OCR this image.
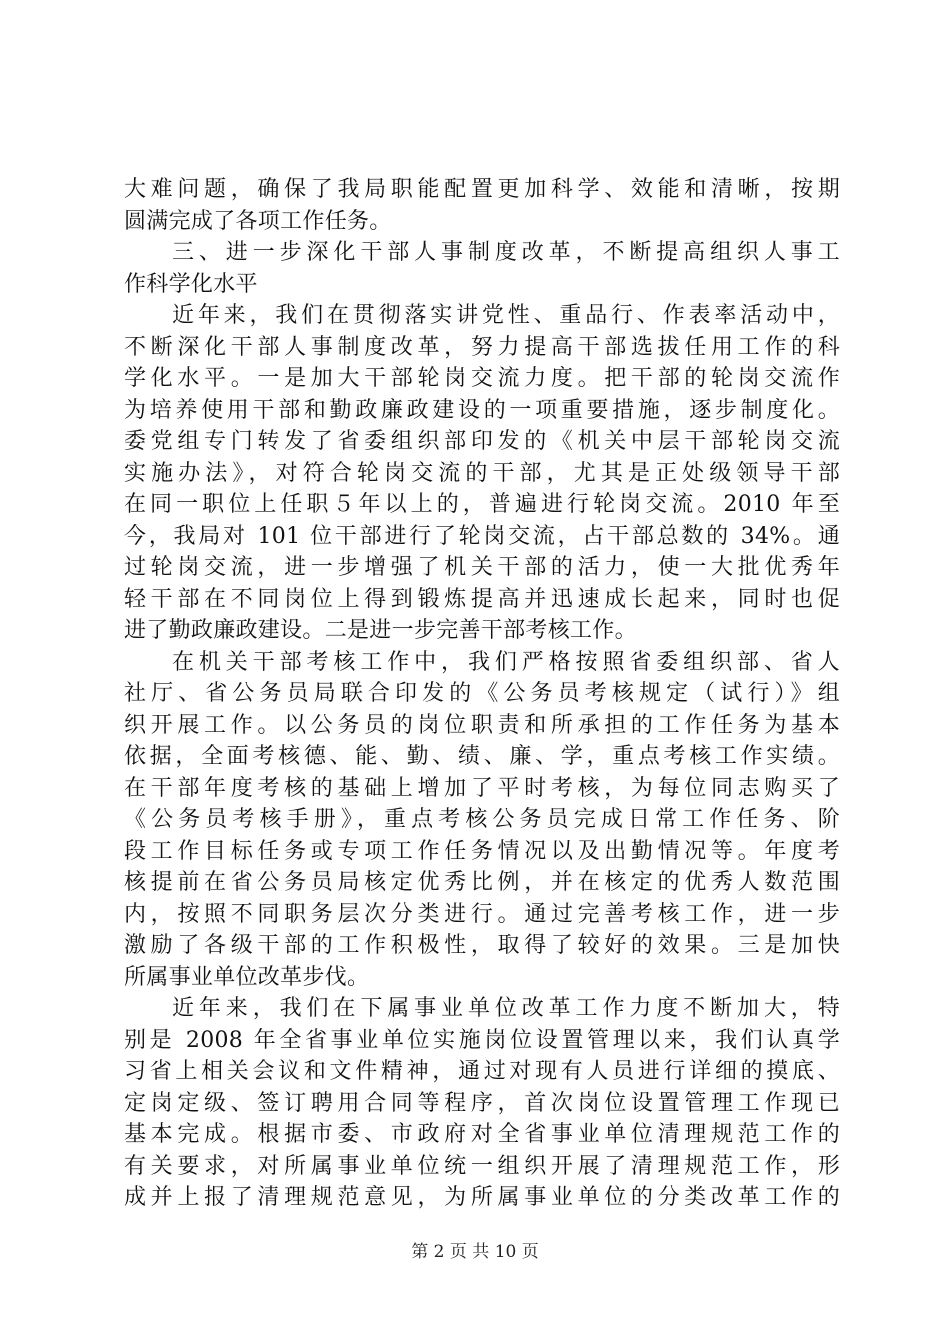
大难问题，确保了我局职能配置更加科学、效能和清晰，按期
圆满完成了各项工作任务。
三、进一步深化干部人事制度改革，不断提高组织人事工
作科学化水平
近年来，我们在贯彻落实讲党性、重品行、作表率活动中，
不断深化干部人事制度改革，努力提高干部选拔任用工作的科
学化水平。一是加大干部轮岗交流力度。把干部的轮岗交流作
为培养使用干部和勤政廉政建设的一项重要措施，逐步制度化。
委党组专门转发了省委组织部印发的《机关中层干部轮岗交流
实施办法》，对符合轮岗交流的干部，尤其是正处级领导干部
在同一职位上任职５年以上的，普遍进行轮岗交流。2010 年至
今，我局对 101 位干部进行了轮岗交流，占干部总数的 34%。通
过轮岗交流，进一步增强了机关干部的活力，使一大批优秀年
轻干部在不同岗位上得到锻炼提高并迅速成长起来，同时也促
进了勤政廉政建设。二是进一步完善干部考核工作。
在机关干部考核工作中，我们严格按照省委组织部、省人
社厅、省公务员局联合印发的《公务员考核规定（试行）》组
织开展工作。以公务员的岗位职责和所承担的工作任务为基本
依据，全面考核德、能、勤、绩、廉、学，重点考核工作实绩。
在干部年度考核的基础上增加了平时考核，为每位同志购买了
《公务员考核手册》，重点考核公务员完成日常工作任务、阶
段工作目标任务或专项工作任务情况以及出勤情况等。年度考
核提前在省公务员局核定优秀比例，并在核定的优秀人数范围
内，按照不同职务层次分类进行。通过完善考核工作，进一步
激励了各级干部的工作积极性，取得了较好的效果。三是加快
所属事业单位改革步伐。
近年来，我们在下属事业单位改革工作力度不断加大，特
别是 2008 年全省事业单位实施岗位设置管理以来，我们认真学
习省上相关会议和文件精神，通过对现有人员进行详细的摸底、
定岗定级、签订聘用合同等程序，首次岗位设置管理工作现已
基本完成。根据市委、市政府对全省事业单位清理规范工作的
有关要求，对所属事业单位统一组织开展了清理规范工作，形
成并上报了清理规范意见，为所属事业单位的分类改革工作的
第 2 页 共 10 页
